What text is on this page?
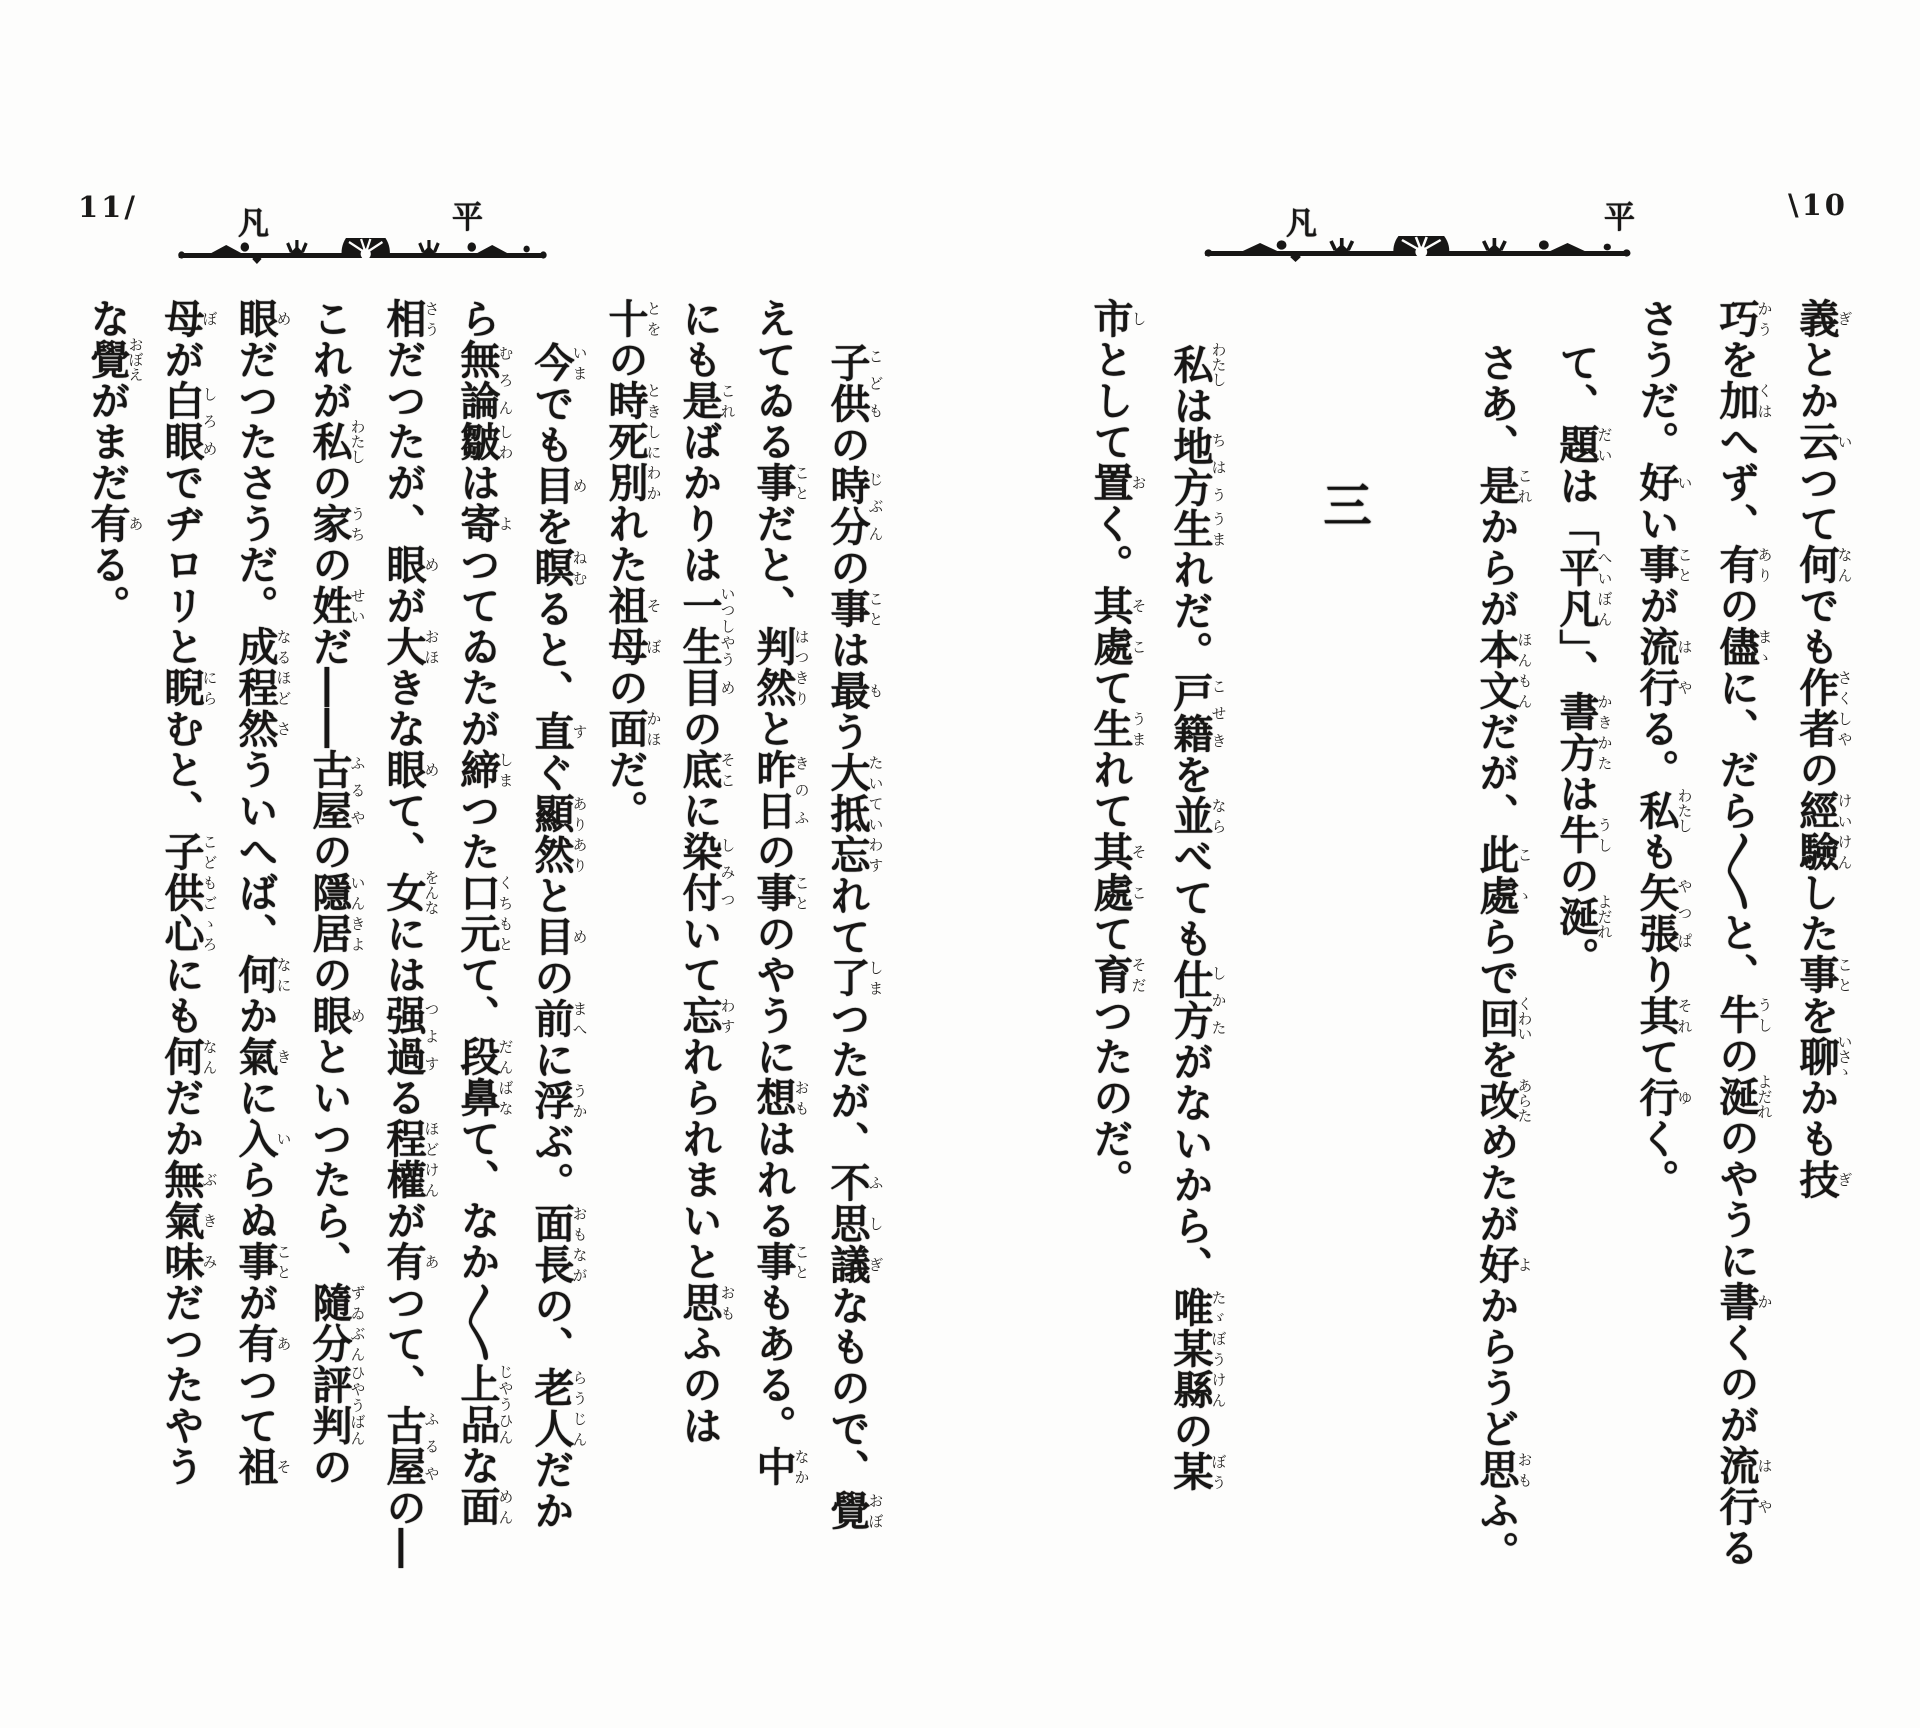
平
凡
\10
義ぎとか云いつて何なんでも作者さくしやの經驗けいけんした事ことを聊いさゝかも技ぎ
巧かうを加くはへず、有ありの儘まゝに、だら〱と、牛うしの涎よだれのやうに書かくのが流行はやる
さうだ。好いい事ことが流行はやる。私わたしも矢張やつぱり其それて行ゆく。
て、題だいは「平凡へいぼん」、書方かきかたは牛うしの涎よだれ。
さあ、是これからが本文ほんもんだが、此處こゝらで回くわいを改あらためたが好よからうど思おもふ。
三
私わたしは地方ちはう生うまれだ。戸籍こせきを並ならべても仕方しかたがないから、唯たゞ某縣ぼうけんの某ぼう
市しとして置おく。其處そこて生うまれて其處そこて育そだつたのだ。
平
凡
11/
子供こどもの時分じぶんの事ことは最もう大抵たいてい忘わすれて了しまつたが、不思議ふしぎなもので、覺おぼ
えてゐる事ことだと、判然はつきりと昨日きのふの事ことのやうに想おもはれる事こともある。中なか
にも是こればかりは一生いつしやう目めの底そこに染付しみついて忘わすれられまいと思おもふのは
十とをの時とき死別しにわかれた祖母そぼの面かほだ。
今いまでも目めを瞑ねむると、直すぐ顯然ありありと目めの前まへに浮うかぶ。面長おもながの、老人らうじんだか
ら無論むろん皺しわは寄よつてゐたが締しまつた口元くちもとて、段鼻だんばなて、なか〱上品じやうひんな面めん
相さうだつたが、眼めが大おほきな眼めて、女をんなには强過つよする程ほど權けんが有あつて、古屋ふるやの―
これが私わたしの家うちの姓せいだ――古屋ふるやの隱居いんきよの眼めといつたら、隨分ずゐぶん評判ひやうばんの
眼めだつたさうだ。成程なるほど然さういへば、何なにか氣きに入いらぬ事ことが有あつて祖そ
母ぼが白眼しろめでヂロリと睨にらむと、子供心こどもごゝろにも何なんだか無氣味ぶきみだつたやう
な覺おぼえがまだ有ある。
